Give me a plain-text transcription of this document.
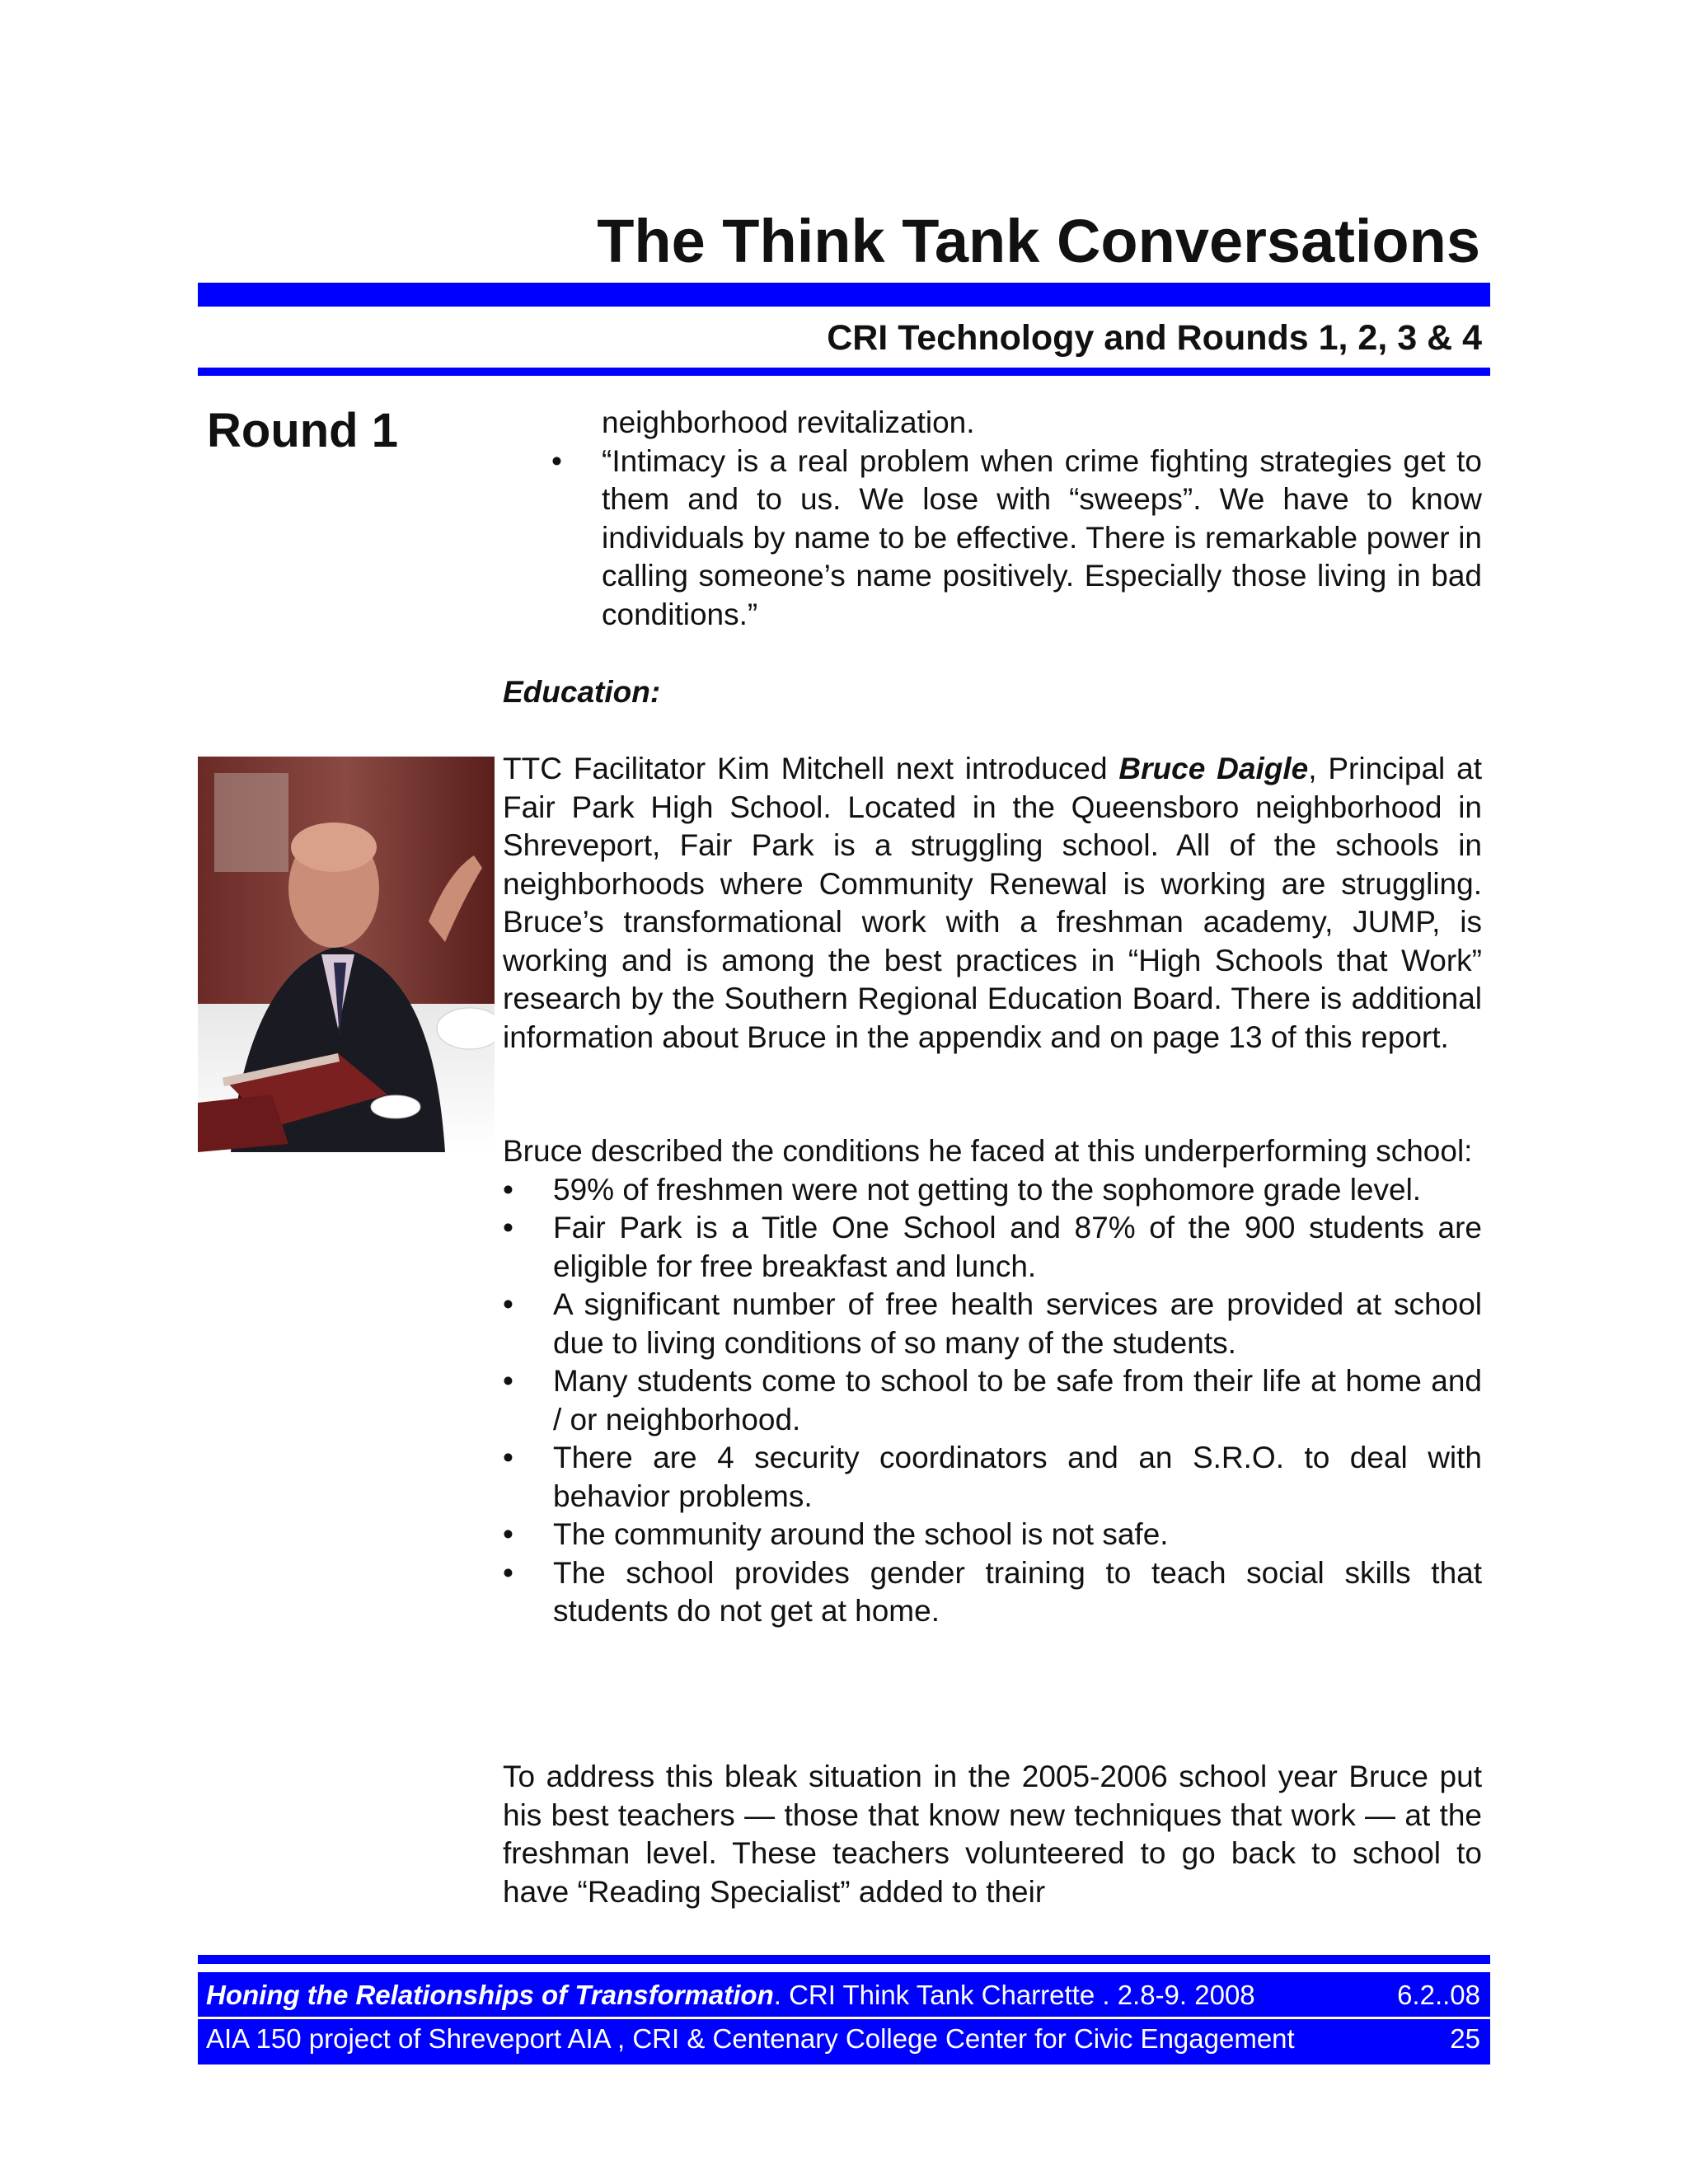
The Think Tank Conversations
CRI Technology and Rounds 1, 2, 3 & 4
Round 1	neighborhood revitalization.

• “Intimacy is a real problem when crime fighting strategies get to them and to us. We lose with “sweeps”. We have to know individuals by name to be effective. There is remarkable power in calling someone’s name positively. Especially those living in bad conditions.”

Education:

TTC Facilitator Kim Mitchell next introduced Bruce Daigle, Principal at Fair Park High School. Located in the Queensboro neighborhood in Shreveport, Fair Park is a struggling school. All of the schools in neighborhoods where Community Renewal is working are struggling. Bruce’s transformational work with a freshman academy, JUMP, is working and is among the best practices in “High Schools that Work” research by the Southern Regional Education Board. There is additional information about Bruce in the appendix and on page 13 of this report.

Bruce described the conditions he faced at this underperforming school:

• 59% of freshmen were not getting to the sophomore grade level.

• Fair Park is a Title One School and 87% of the 900 students are eligible for free breakfast and lunch.

• A significant number of free health services are provided at school due to living conditions of so many of the students.

• Many students come to school to be safe from their life at home and / or neighborhood.

• There are 4 security coordinators and an S.R.O. to deal with behavior problems.

• The community around the school is not safe.

• The school provides gender training to teach social skills that students do not get at home.

To address this bleak situation in the 2005-2006 school year Bruce put his best teachers — those that know new techniques that work — at the freshman level. These teachers volunteered to go back to school to have “Reading Specialist” added to their

Honing the Relationships of Transformation. CRI Think Tank Charrette . 2.8-9. 2008	6.2..08
AIA 150 project of Shreveport AIA , CRI & Centenary College Center for Civic Engagement	25
